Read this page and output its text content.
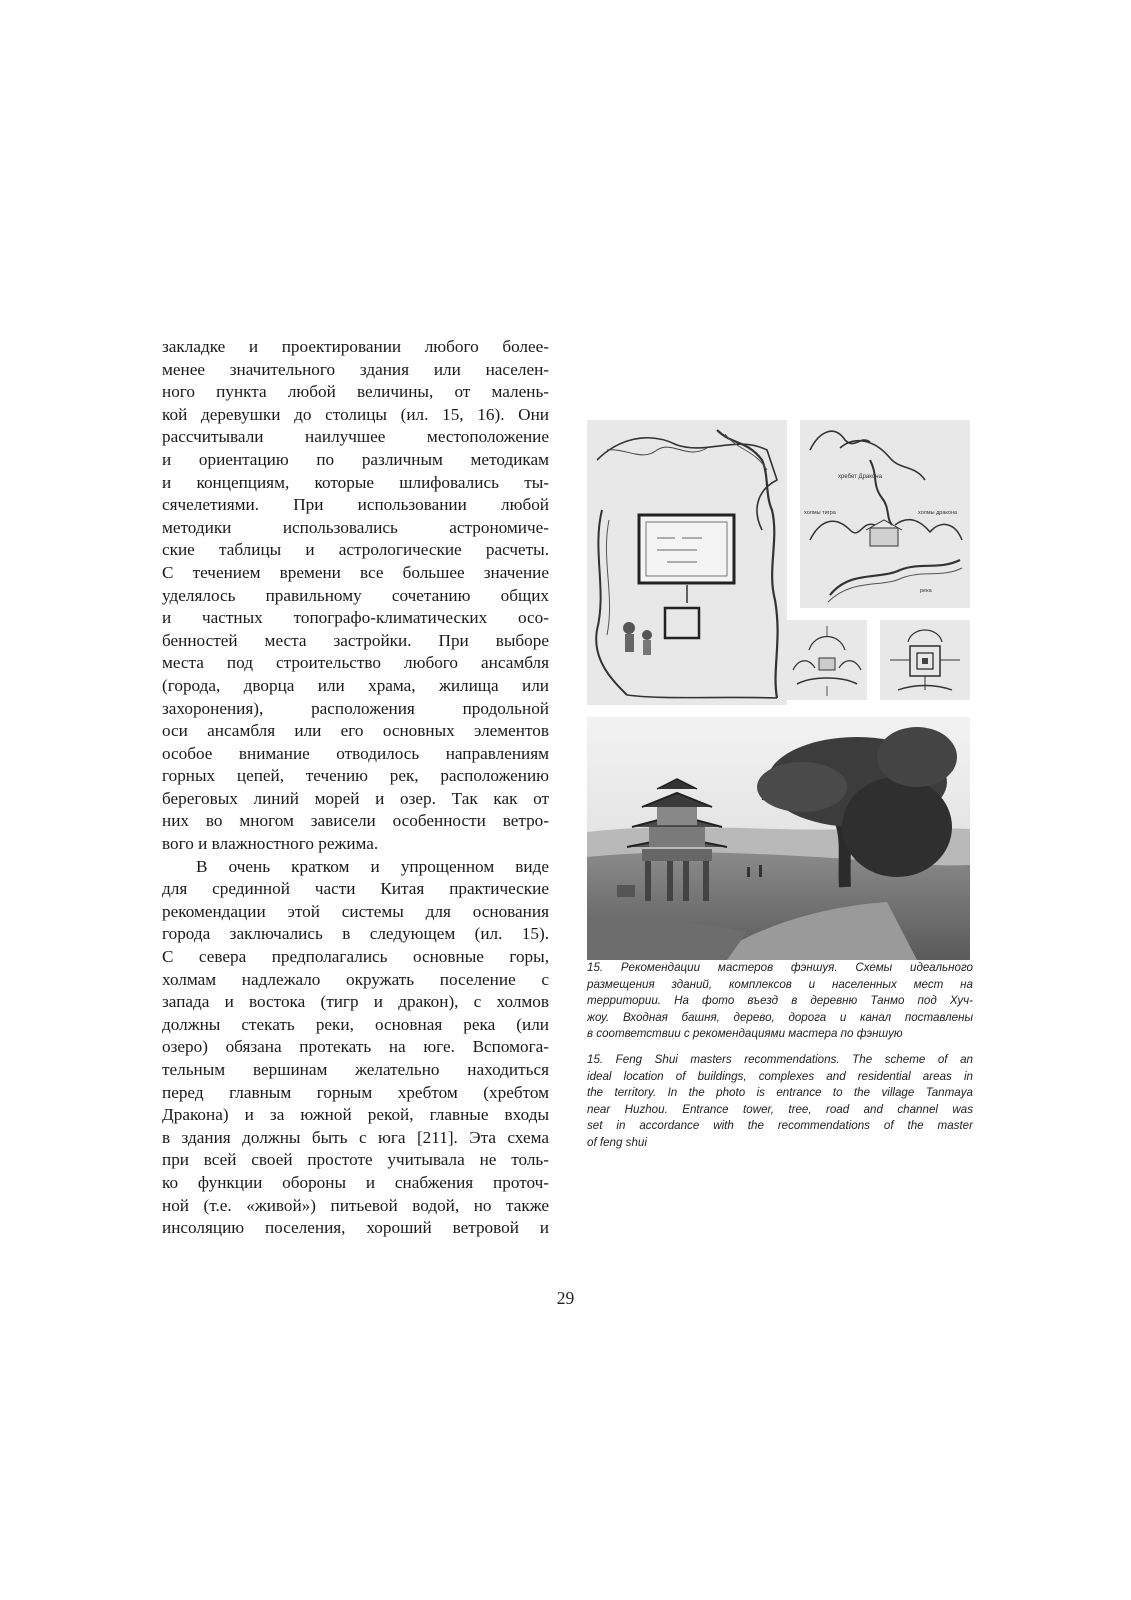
закладке и проектировании любого более-
менее значительного здания или населен-
ного пункта любой величины, от малень-
кой деревушки до столицы (ил. 15, 16). Они
рассчитывали наилучшее местоположение
и ориентацию по различным методикам
и концепциям, которые шлифовались ты-
сячелетиями. При использовании любой
методики использовались астрономиче-
ские таблицы и астрологические расчеты.
С течением времени все большее значение
уделялось правильному сочетанию общих
и частных топографо-климатических осо-
бенностей места застройки. При выборе
места под строительство любого ансамбля
(города, дворца или храма, жилища или
захоронения), расположения продольной
оси ансамбля или его основных элементов
особое внимание отводилось направлениям
горных цепей, течению рек, расположению
береговых линий морей и озер. Так как от
них во многом зависели особенности ветро-
вого и влажностного режима.
В очень кратком и упрощенном виде
для срединной части Китая практические
рекомендации этой системы для основания
города заключались в следующем (ил. 15).
С севера предполагались основные горы,
холмам надлежало окружать поселение с
запада и востока (тигр и дракон), с холмов
должны стекать реки, основная река (или
озеро) обязана протекать на юге. Вспомога-
тельным вершинам желательно находиться
перед главным горным хребтом (хребтом
Дракона) и за южной рекой, главные входы
в здания должны быть с юга [211]. Эта схема
при всей своей простоте учитывала не толь-
ко функции обороны и снабжения проточ-
ной (т.е. «живой») питьевой водой, но также
инсоляцию поселения, хороший ветровой и
хребет Дракона
холмы тигра	холмы дракона
река
15. Рекомендации мастеров фэншуя. Схемы идеального
размещения зданий, комплексов и населенных мест на
территории. На фото въезд в деревню Танмо под Хуч-
жоу. Входная башня, дерево, дорога и канал поставлены
в соответствии с рекомендациями мастера по фэншую
15. Feng Shui masters recommendations. The scheme of an
ideal location of buildings, complexes and residential areas in
the territory. In the photo is entrance to the village Tanmaya
near Huzhou. Entrance tower, tree, road and channel was
set in accordance with the recommendations of the master
of feng shui
29
